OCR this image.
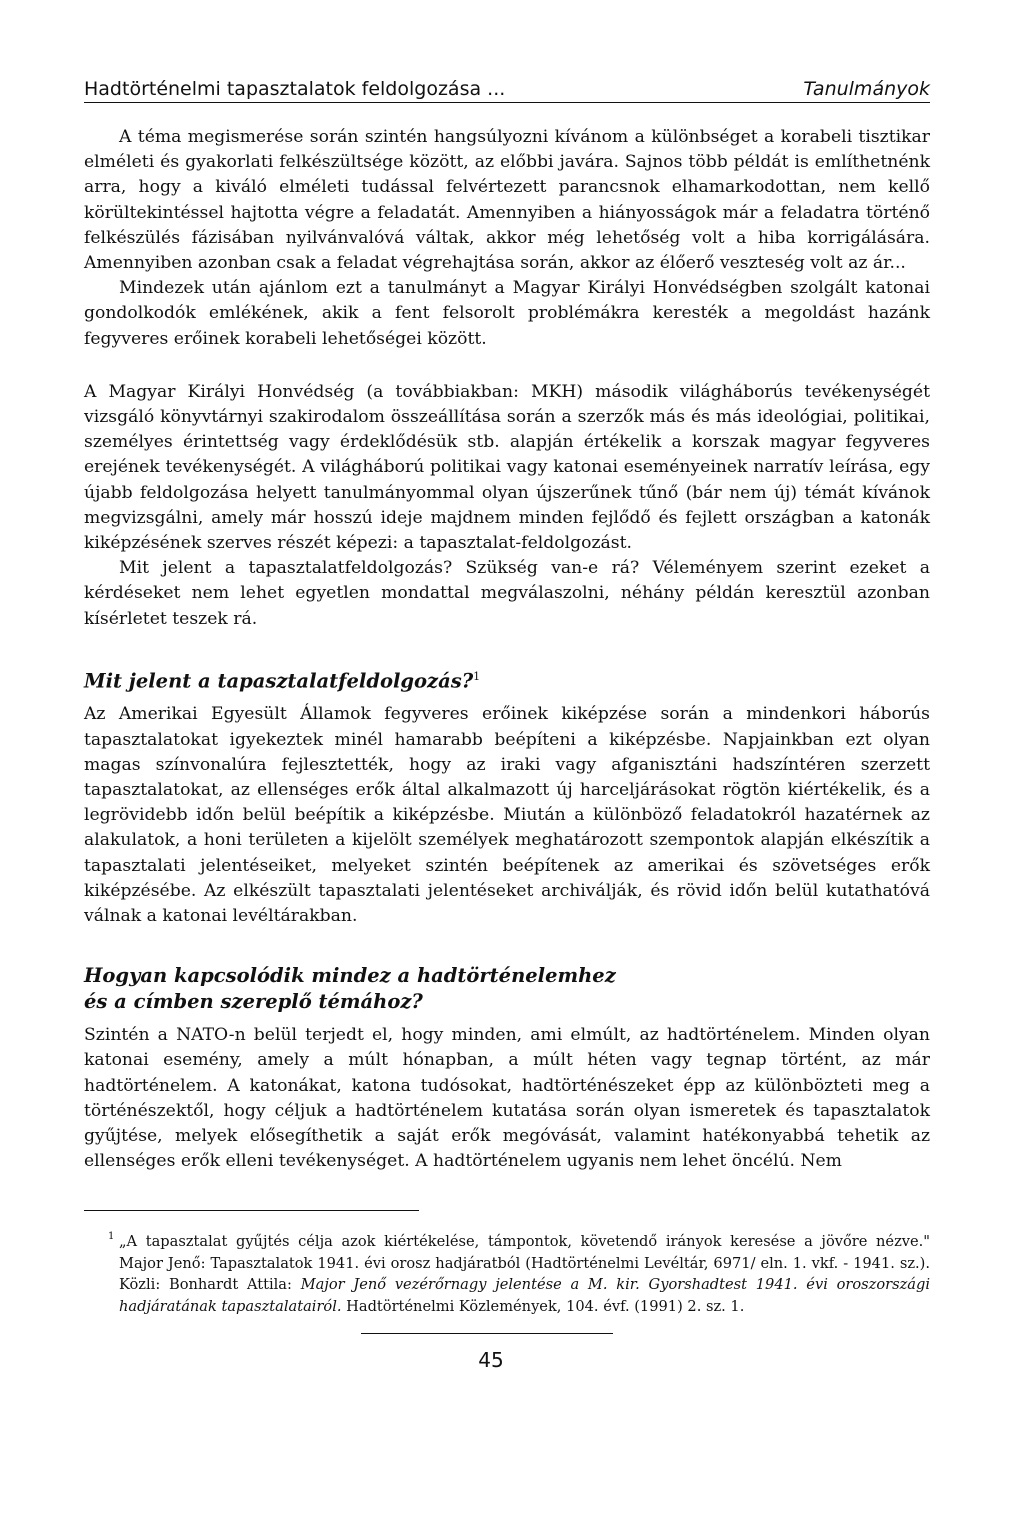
Hadtörténelmi tapasztalatok feldolgozása ...	Tanulmányok

A téma megismerése során szintén hangsúlyozni kívánom a különbséget a korabeli tisztikar elméleti és gyakorlati felkészültsége között, az előbbi javára. Sajnos több példát is említhetnénk arra, hogy a kiváló elméleti tudással felvértezett parancsnok elhamarkodottan, nem kellő körültekintéssel hajtotta végre a feladatát. Amennyiben a hiányosságok már a feladatra történő felkészülés fázisában nyilvánvalóvá váltak, akkor még lehetőség volt a hiba korrigálására. Amennyiben azonban csak a feladat végrehajtása során, akkor az élőerő veszteség volt az ár...

Mindezek után ajánlom ezt a tanulmányt a Magyar Királyi Honvédségben szolgált katonai gondolkodók emlékének, akik a fent felsorolt problémákra keresték a megoldást hazánk fegyveres erőinek korabeli lehetőségei között.

A Magyar Királyi Honvédség (a továbbiakban: MKH) második világháborús tevékenységét vizsgáló könyvtárnyi szakirodalom összeállítása során a szerzők más és más ideológiai, politikai, személyes érintettség vagy érdeklődésük stb. alapján értékelik a korszak magyar fegyveres erejének tevékenységét. A világháború politikai vagy katonai eseményeinek narratív leírása, egy újabb feldolgozása helyett tanulmányommal olyan újszerűnek tűnő (bár nem új) témát kívánok megvizsgálni, amely már hosszú ideje majdnem minden fejlődő és fejlett országban a katonák kiképzésének szerves részét képezi: a tapasztalat-feldolgozást.

Mit jelent a tapasztalatfeldolgozás? Szükség van-e rá? Véleményem szerint ezeket a kérdéseket nem lehet egyetlen mondattal megválaszolni, néhány példán keresztül azonban kísérletet teszek rá.

Mit jelent a tapasztalatfeldolgozás?$^1$

Az Amerikai Egyesült Államok fegyveres erőinek kiképzése során a mindenkori háborús tapasztalatokat igyekeztek minél hamarabb beépíteni a kiképzésbe. Napjainkban ezt olyan magas színvonalúra fejlesztették, hogy az iraki vagy afganisztáni hadszíntéren szerzett tapasztalatokat, az ellenséges erők által alkalmazott új harceljárásokat rögtön kiértékelik, és a legrövidebb időn belül beépítik a kiképzésbe. Miután a különböző feladatokról hazatérnek az alakulatok, a honi területen a kijelölt személyek meghatározott szempontok alapján elkészítik a tapasztalati jelentéseiket, melyeket szintén beépítenek az amerikai és szövetséges erők kiképzésébe. Az elkészült tapasztalati jelentéseket archiválják, és rövid időn belül kutathatóvá válnak a katonai levéltárakban.

Hogyan kapcsolódik mindez a hadtörténelemhez
és a címben szereplő témához?

Szintén a NATO-n belül terjedt el, hogy minden, ami elmúlt, az hadtörténelem. Minden olyan katonai esemény, amely a múlt hónapban, a múlt héten vagy tegnap történt, az már hadtörténelem. A katonákat, katona tudósokat, hadtörténészeket épp az különbözteti meg a történészektől, hogy céljuk a hadtörténelem kutatása során olyan ismeretek és tapasztalatok gyűjtése, melyek elősegíthetik a saját erők megóvását, valamint hatékonyabbá tehetik az ellenséges erők elleni tevékenységet. A hadtörténelem ugyanis nem lehet öncélú. Nem

1 „A tapasztalat gyűjtés célja azok kiértékelése, támpontok, követendő irányok keresése a jövőre nézve." Major Jenő: Tapasztalatok 1941. évi orosz hadjáratból (Hadtörténelmi Levéltár, 6971/ eln. 1. vkf. - 1941. sz.). Közli: Bonhardt Attila: Major Jenő vezérőrnagy jelentése a M. kir. Gyorshadtest 1941. évi oroszországi hadjáratának tapasztalatairól. Hadtörténelmi Közlemények, 104. évf. (1991) 2. sz. 1.
45
